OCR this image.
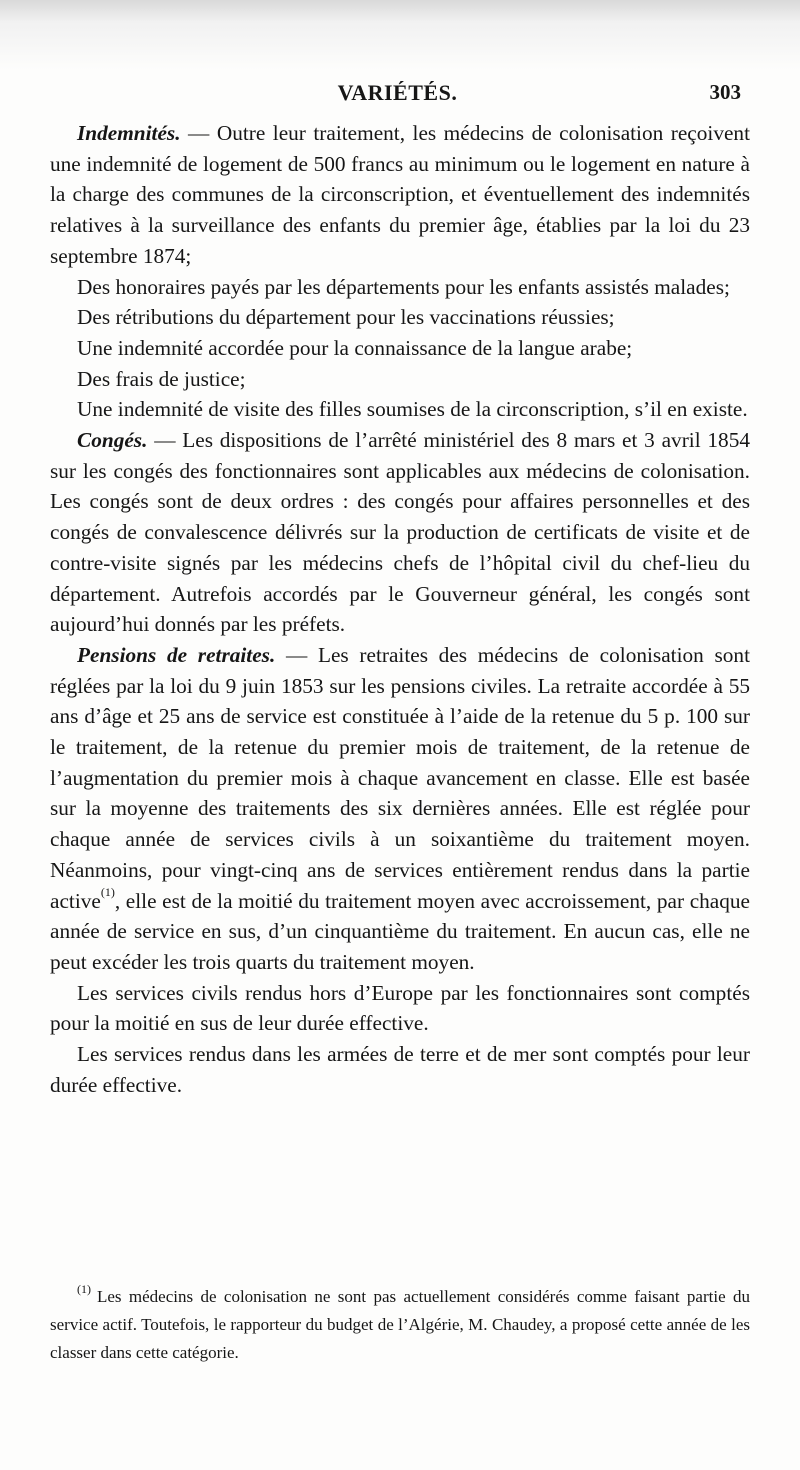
VARIÉTÉS.	303

Indemnités. — Outre leur traitement, les médecins de colonisation reçoivent une indemnité de logement de 500 francs au minimum ou le logement en nature à la charge des communes de la circonscription, et éventuellement des indemnités relatives à la surveillance des enfants du premier âge, établies par la loi du 23 septembre 1874;

Des honoraires payés par les départements pour les enfants assistés malades;

Des rétributions du département pour les vaccinations réussies;

Une indemnité accordée pour la connaissance de la langue arabe;

Des frais de justice;

Une indemnité de visite des filles soumises de la circonscription, s’il en existe.

Congés. — Les dispositions de l’arrêté ministériel des 8 mars et 3 avril 1854 sur les congés des fonctionnaires sont applicables aux médecins de colonisation. Les congés sont de deux ordres : des congés pour affaires personnelles et des congés de convalescence délivrés sur la production de certificats de visite et de contre-visite signés par les médecins chefs de l’hôpital civil du chef-lieu du département. Autrefois accordés par le Gouverneur général, les congés sont aujourd’hui donnés par les préfets.

Pensions de retraites. — Les retraites des médecins de colonisation sont réglées par la loi du 9 juin 1853 sur les pensions civiles. La retraite accordée à 55 ans d’âge et 25 ans de service est constituée à l’aide de la retenue du 5 p. 100 sur le traitement, de la retenue du premier mois de traitement, de la retenue de l’augmentation du premier mois à chaque avancement en classe. Elle est basée sur la moyenne des traitements des six dernières années. Elle est réglée pour chaque année de services civils à un soixantième du traitement moyen. Néanmoins, pour vingt-cinq ans de services entièrement rendus dans la partie active$^{(1)}$, elle est de la moitié du traitement moyen avec accroissement, par chaque année de service en sus, d’un cinquantième du traitement. En aucun cas, elle ne peut excéder les trois quarts du traitement moyen.

Les services civils rendus hors d’Europe par les fonctionnaires sont comptés pour la moitié en sus de leur durée effective.

Les services rendus dans les armées de terre et de mer sont comptés pour leur durée effective.

$^{(1)}$ Les médecins de colonisation ne sont pas actuellement considérés comme faisant partie du service actif. Toutefois, le rapporteur du budget de l’Algérie, M. Chaudey, a proposé cette année de les classer dans cette catégorie.
